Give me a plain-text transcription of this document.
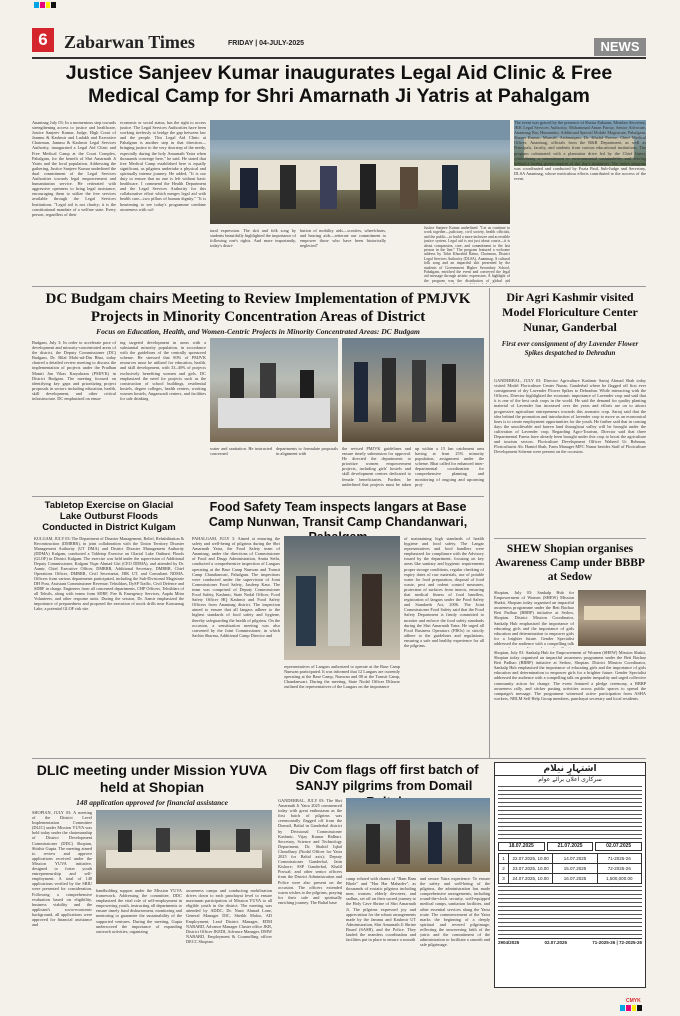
6 Zabarwan Times	FRIDAY | 04-JULY-2025	NEWS
Justice Sanjeev Kumar inaugurates Legal Aid Clinic & Free Medical Camp for Shri Amarnath Ji Yatris at Pahalgam
Anantnag July 03: In a momentous step towards strengthening access to justice and healthcare, Justice Sanjeev Kumar, Judge, High Court of Jammu & Kashmir and Ladakh and Executive Chairman, Jammu & Kashmir Legal Services Authority, inaugurated a Legal Aid Clinic and Free Medical Camp at the Court Complex, Pahalgam, for the benefit of Shri Amarnath Ji Yatris and the local population. Addressing the gathering, Justice Sanjeev Kumar underlined the dual commitment of the Legal Services Authorities towards legal empowerment and humanitarian service. He reiterated with aggressive openness to bring legal assistance, encouraging them to utilize the free services available through the Legal Services Institutions. "Legal aid is not charity; it is the constitutional mandate of a welfare state. Every person, regardless of their
economic or social status, has the right to access justice. The Legal Services Authorities have been working tirelessly to bridge the gap between law and the people. This Legal Aid Clinic at Pahalgam is another step in that direction—bringing justice to the very doorstep of the needy, especially during the holy Amarnath Yatra when thousands converge here," he said. He stated that free Medical Camp established here is equally significant, as pilgrims undertake a physical and spiritually intense journey. He added, "It is our duty to ensure that no one is left without basic healthcare. I commend the Health Department and the Legal Services Authority for this collaborative effort which merges legal aid with health care—two pillars of human dignity." "It is heartening to see today's programme combine awareness with cul-
tural expression. The skit and folk song by students beautifully highlighted the importance of following one's rights. And more importantly, today's distri-
bution of mobility aids—scooties, wheelchairs, and hearing aids—reiterate our commitment to empower those who have been historically neglected"
Justice Sanjeev Kumar underlined. "Let us continue to work together—judiciary, civil society, health officials, and the public—to build a more inclusive and accessible justice system. Legal aid is not just about courts—it is about compassion, care, and commitment to the last person in the line." The program featured a welcome address by Tahir Khurshid Raina, Chairman, District Legal Services Authority (DLSA), Anantnag. A cultural folk song and an impactful skit presented by the students of Government Higher Secondary School, Pahalgam, enriched the event and conveyed the legal aid message through artistic expression. A highlight of the program was the distribution of global aid
The event was graced by the presence of Shaisa Eakaam, Member Secretary, JKK Legal Services Authority, Mohammad Aman Parray, Senior Advocate, Anantnag Bar, Humanitiu, Additional Special Mobile Magistrate, Pahalgam, Shaam Kumar, Munsiff, Aishmuqam, Dr. Khalid Parvez, Chief Medical Officer, Anantnag, officials from the R&B Department, as well as Principals, faculty, and students from various educational institutions. The program culminated with a plantation drive led by the Chief Guest, symbolizing a commitment to environmental sustainability and leaving behind a lasting green imprint of the day's initiatives. The entire program was coordinated and conducted by Fozia Paul, Sub-Judge and Secretary, DLSA Anantnag, whose meticulous efforts contributed to the success of the event.
DC Budgam chairs Meeting to Review Implementation of PMJVK Projects in Minority Concentration Areas of District
Focus on Education, Health, and Women-Centric Projects in Minority Concentrated Areas: DC Budgam
Budgam, July 3: In order to accelerate pace of development and minority-concentrated areas of the district, the Deputy Commissioner (DC) Budgam, Dr. Bilal Mohi-ud-Din Bhat, today chaired a detailed review meeting to discuss the implementation of projects under the Pradhan Mantri Jan Vikas Karyakram (PMJVK) in District Budgam. The meeting focused on identifying key gaps and prioritizing project proposals in sectors including education, health, skill development, and other critical infrastructure. DC emphasised on ensur-
ing targeted development in areas with a substantial minority population, in accordance with the guidelines of the centrally sponsored scheme. He stressed that 80% of PMJVK resources must be utilized for education, health, and skill development, with 33–40% of projects exclusively benefiting women and girls. DC emphasized the need for projects such as the construction of school buildings, residential hostels, degree colleges, health centers, working women hostels, Anganwadi centers, and facilities for sale drinking
water and sanitation. He instructed concerned
departments to formulate proposals in alignment with
the revised PMJVK guidelines and ensure timely submission for approval. He directed the departments to prioritize women empowerment projects, including girls' hostels and skill development centres dedicated to female beneficiaries. Further, he underlined that projects must be taken up within a 15 km catchment area having at least 25% minority population, assignment under the scheme. Bhat called for enhanced inter-departmental coordination for comprehensive planning and monitoring of ongoing and upcoming proj-
Dir Agri Kashmir visited Model Floriculture Center Nunar, Ganderbal
First ever consignment of dry Lavender Flower Spikes despatched to Dehradun
GANDERBAL, JULY 03: Director Agriculture Kashmir Sartaj Ahmad Shah today visited Model Floriculture Center Nunar, Ganderbal where he flagged off first ever consignment of dry Lavender Flower Spikes to Dehradun. While interacting with the Officers, Director highlighted the economic importance of Lavender crop and said that it is one of the best cash crops in the world. He said the demand for quality planting material of Lavender has increased over the years and efforts are on to attract progressive agriculture entrepreneurs towards this aromatic crop. Sartaj said that the idea behind the promotion and introduction of lavender crop to move as an economical lines is to create employment opportunities for the youth. He further said that in coming days the uncultivable and barren land throughout valley will be brought under the cultivation of Lavender crop. Regarding Agro-Tourism, Director said that three Departmental Farms have already been brought under this crop to boost the agriculture and tourism sectors. Floriculture Development Officer Waheed Ur Rehman, Floriculturist Ab. Hamid Shah, Farm Manager MFC Nunar besides Staff of Floriculture Development Scheme were present on the occasion.
Tabletop Exercise on Glacial Lake Outburst Floods Conducted in District Kulgam
KULGAM, JULY 03: The Department of Disaster Management, Relief, Rehabilitation & Reconstruction (DMRRR), in joint collaboration with the Union Territory Disaster Management Authority (UT DMA) and District Disaster Management Authority (DDMA) Kulgam, conducted a Tabletop Exercise on Glacial Lake Outburst Floods (GLOF) in District Kulgam. The exercise was held under the supervision of Additional Deputy Commissioner, Kulgam Viqar Ahmad Giri (CEO DDMA), and attended by Dr. Aamir, Chief Executive Officer, DMRRR, Additional Secretary, DMRRR, Chief Operations Officer, DMRRR, Civil Secretariat, JBK UT, and Consultant NDMA. Officers from various departments participated, including the Sub-Divisional Magistrate DH Pora, Assistant Commissioner Revenue, Tehsildars, DySP Traffic, Civil Defence and SDRF in charge. Engineers from all concerned departments, CHP Officers, Tehsildars of all Tehsils, along with teams from SDRF, Fire & Emergency Services, Aapda Mitra Volunteers, and other response units. During the session, Dr. Aamir emphasized the importance of preparedness and proposed the execution of mock drills near Kousarnag Lake, a potential GLOF risk site.
Food Safety Team inspects langars at Base Camp Nunwan, Transit Camp Chandanwari,
PAHALGAM, JULY 3: Aimed at ensuring the safety and well-being of pilgrims during the Shri Amarnath Yatra, the Food Safety team of Anantnag, under the directions of Commissioner of Food and Drugs Administration, Smita Sethi, conducted a comprehensive inspection of Langars operating at the Base Camp Nunwan and Transit Camp Chandanwari, Pahalgam. The inspections were conducted under the supervision of Joint Commissioner Food Safety, Jasdeep Kaur. The team was comprised of Deputy Commissioner Food Safety, Kashmir, State Nodal Officer, Food Safety Officer HQ Kashmir and Food Safety Officers from Anantnag district. The inspection aimed to ensure that all langars adhere to the highest standards of food safety and hygiene, thereby safeguarding the health of pilgrims. On the occasion, a sensitisation meeting was also convened by the Joint Commissioner, in which Sachin Sharma, Additional Camp Director and
representatives of Langars authorized to operate at the Base Camp Nunwan participated. It was informed that 12 Langars are currently operating at the Base Camp, Nunwan and 08 at the Transit Camp, Chandanwari. During the meeting, State Nodal Officer Dilawar outlined the representatives of the Langars on the importance
of maintaining high standards of health hygiene and food safety. The Langar representatives and food handlers were emphasized for compliance with the Advisory issued by the department, focusing on key areas like sanitary and hygienic requirements proper storage conditions, regular checking of expiry dates of raw materials, use of potable water for food preparation, disposal of food waste, pest and rodent control measures, protection of surfaces from insects, ensuring that medical fitness of food handlers, registration of langars under the Food Safety and Standards Act, 2006. The Joint Commissioner Food Safety said that the Food Safety Department is firmly committed to monitor and enforce the food safety standards during the Shri Amarnath Yatra. He urged all Food Business Operators (FBOs) to strictly adhere to the guidelines and regulations, ensuring a safe and healthy experience for all the pilgrims.
SHEW Shopian organises Awareness Camp under BBBP at Sedow
Shopian, July 03: Sankalp Hub for Empowerment of Women (SHEW) Mission Shakti, Shopian today organised an impactful awareness programme under the Beti Bachao Beti Padhao (BBBP) initiative at Sedow, Shopian. District Mission Coordinator, Sankalp Hub emphasised the importance of educating girls and the importance of girls education and determination to empower girls for a brighter future. Gender Specialist addressed the audience with a compelling talk
Shopian, July 03: Sankalp Hub for Empowerment of Women (SHEW) Mission Shakti, Shopian today organised an impactful awareness programme under the Beti Bachao Beti Padhao (BBBP) initiative at Sedow, Shopian. District Mission Coordinator, Sankalp Hub emphasised the importance of educating girls and the importance of girls education and determination to empower girls for a brighter future. Gender Specialist addressed the audience with a compelling talk on gender inequality and urged collective community action for change. The event featured a pledge ceremony, a BBBP awareness rally, and sticker pasting activities across public spaces to spread the campaign's message. The programme witnessed active participation from ASHA workers, NRLM Self Help Group members, panchayat secretary and local residents.
DLIC meeting under Mission YUVA held at Shopian
148 application approved for financial assistance
SHOPIAN, JULY 03: A meeting of the District Level Implementation Committee (DLIC) under Mission YUVA was held today under the chairmanship of District Development Commissioner (DDC) Shopian, Shishir Gupta. The meeting aimed to review and approve applications received under the Mission YUVA initiative, designed to foster youth entrepreneurship and self-employment. A total of 148 applications verified by the SBIU were presented for consideration. Following a comprehensive evaluation based on eligibility, business viability and the applicant's socio-economic background, all applications were approved for financial assistance and
handholding support under the Mission YUVA framework. Addressing the committee, DDC emphasized the vital role of self-employment in empowering youth, instructing all departments to ensure timely fund disbursement, monitoring and mentoring to guarantee the sustainability of the supported ventures. During the meeting, Gupta underscored the importance of expanding outreach activities, organizing
awareness camps and conducting mobilisation drives down to each panchayat level to ensure maximum participation of Mission YUVA to all eligible youth in the district. The meeting was attended by ADDC, Dr. Nasir Ahmad Lone, General Manager DIC, Sheikh Maloo, AD Employment, Lead District Manager, EDM NABARD, Advance Manager Cluster office JKB, District Officer JKEDI, Advance Manager, DMW NABARD, Employment & Counselling officer DECC Shopian.
Div Com flags off first batch of SANJY pilgrims from Domail
GANDERBAL, JULY 03: The Shri Amarnath Ji Yatra 2025 commenced today with great enthusiasm as the first batch of pilgrims was ceremonially flagged off from the Domail, Baltal in Ganderbal district by Divisional Commissioner Kashmir, Vijay Kumar Bidhuri. Secretary, Science and Technology Department, Dr. Shahid Iqbal Choudhary (Nodal Officer for Yatra 2025 for Baltal axis); Deputy Commissioner Ganderbal, Jatin Kishore; SSP Ganderbal, Khalil Poswal; and other senior officers from the District Administration and Police were also present on the occasion. The officers extended warm wishes to the pilgrims, praying for their safe and spiritually enriching journey. The Baltal base
camp echoed with chants of "Bam Bam Bhole" and "Har Har Mahadev", as thousands of ecstatic pilgrims including men, women, elderly devotees, and sadhus, set off on their sacred journey to the Holy Cave Shrine of Shri Amarnath Ji. The pilgrims expressed joy and appreciation for the robust arrangements made by the Jammu and Kashmir UT Administration, Shri Amarnath Ji Shrine Board (SASB), and the Police. They lauded the seamless coordination and facilities put in place to ensure a smooth
and secure Yatra experience. To ensure the safety and well-being of the pilgrims, the administration has made comprehensive arrangements, including round-the-clock security, well-equipped medical camps, sanitation facilities, and other essential services along the Yatra route. The commencement of the Yatra marks the beginning of a deeply spiritual and revered pilgrimage, reflecting the unwavering faith of the yatris and the commitment of the administration to facilitate a smooth and safe pilgrimage.
اشتہارِ نیلام
سرکاری اعلان برائے عوام
18.07.2025	21.07.2025	02.07.2025
1	22.07.2025, 10.00	14.07.2025	71-2025-26
2	23.07.2025, 10.00	15.07.2025	72-2025-26
3	24.07.2025, 10.00	16.07.2025	1,500,000.00
2904/2025	02.07.2025	71-2025-26 | 72-2025-26
CMYK
